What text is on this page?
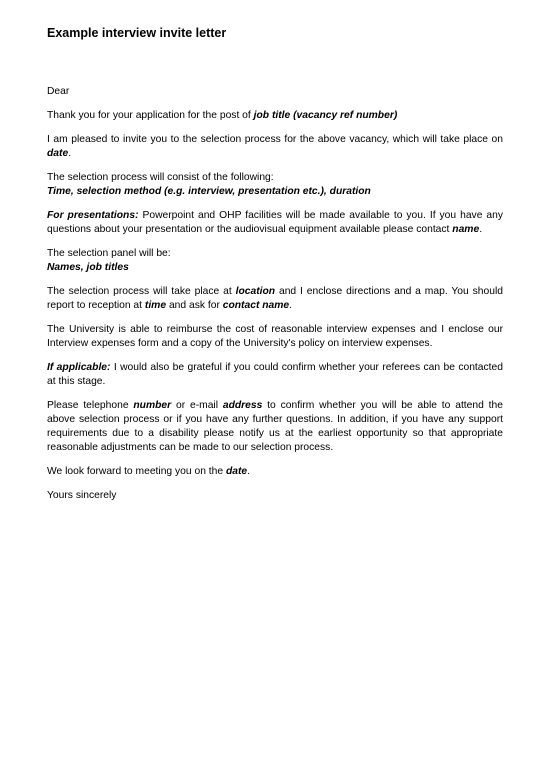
Example interview invite letter

Dear

Thank you for your application for the post of job title (vacancy ref number)

I am pleased to invite you to the selection process for the above vacancy, which will take place on date.

The selection process will consist of the following:
Time, selection method (e.g. interview, presentation etc.), duration

For presentations: Powerpoint and OHP facilities will be made available to you. If you have any questions about your presentation or the audiovisual equipment available please contact name.

The selection panel will be:
Names, job titles

The selection process will take place at location and I enclose directions and a map. You should report to reception at time and ask for contact name.

The University is able to reimburse the cost of reasonable interview expenses and I enclose our Interview expenses form and a copy of the University's policy on interview expenses.

If applicable: I would also be grateful if you could confirm whether your referees can be contacted at this stage.

Please telephone number or e-mail address to confirm whether you will be able to attend the above selection process or if you have any further questions. In addition, if you have any support requirements due to a disability please notify us at the earliest opportunity so that appropriate reasonable adjustments can be made to our selection process.

We look forward to meeting you on the date.

Yours sincerely
